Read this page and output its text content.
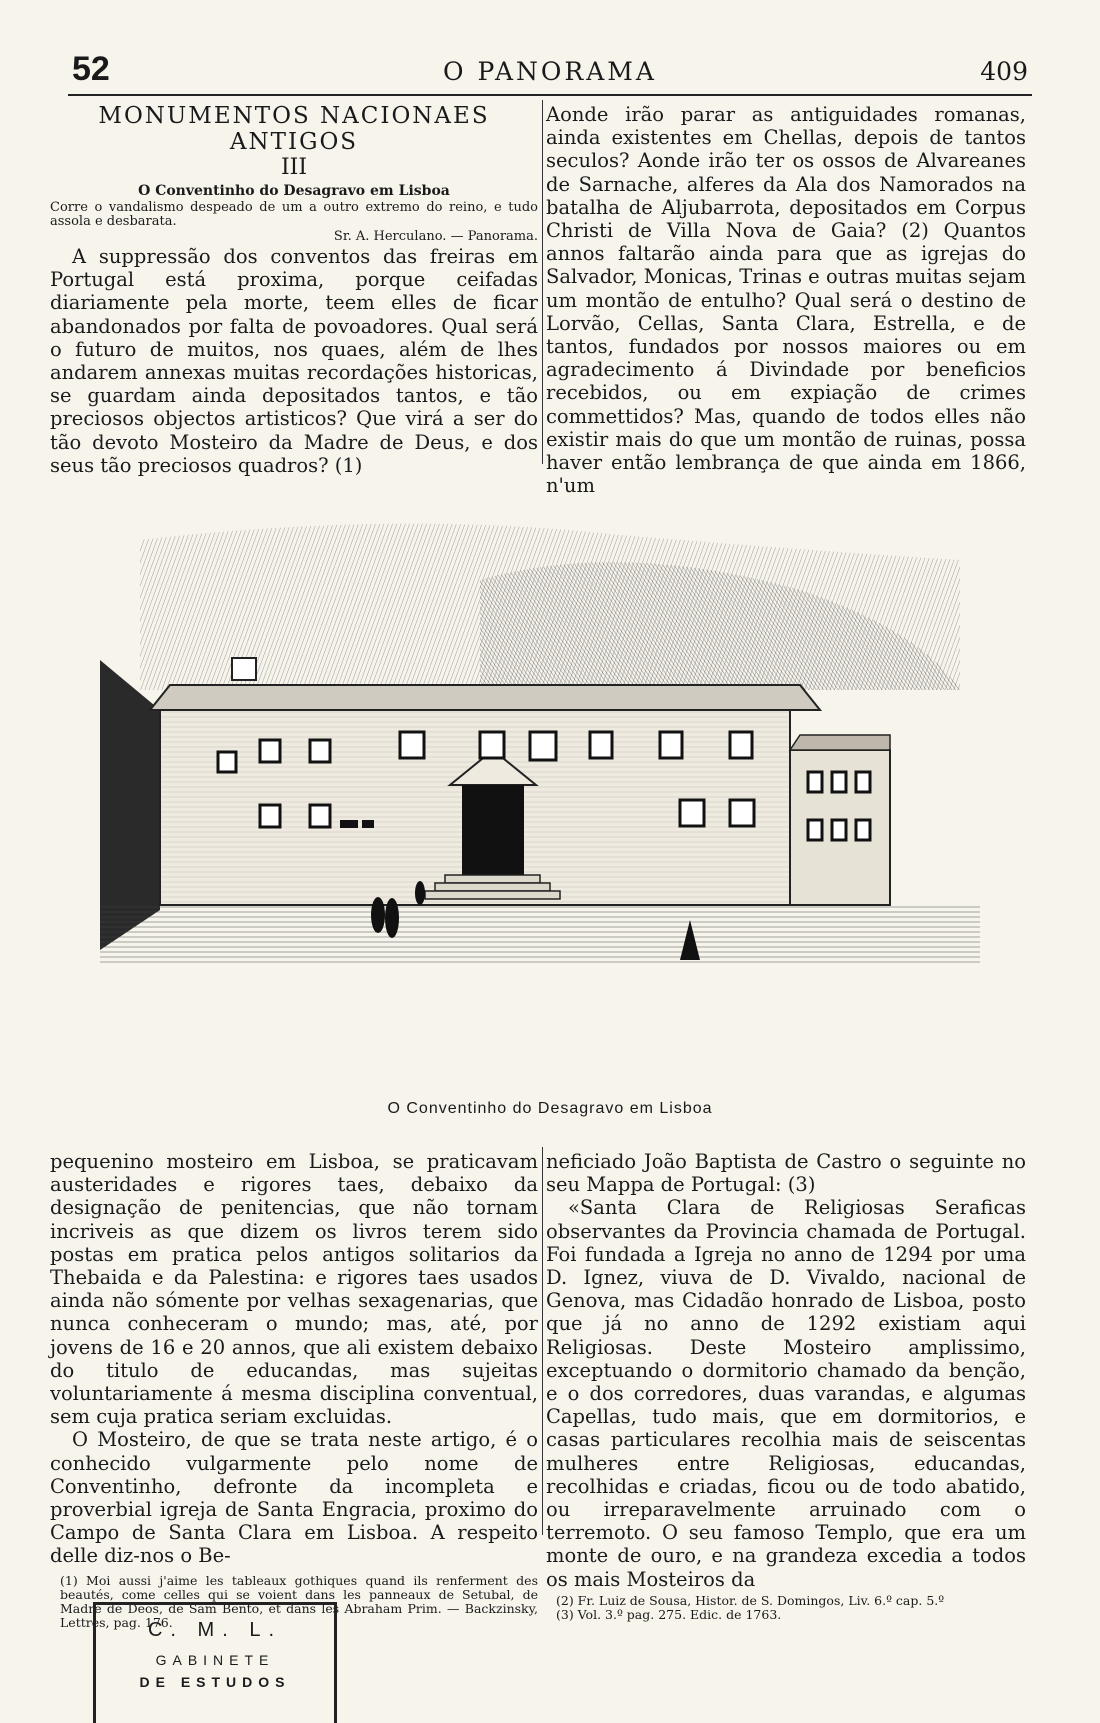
52	O PANORAMA	409

MONUMENTOS NACIONAES ANTIGOS

III

O Conventinho do Desagravo em Lisboa

Corre o vandalismo despeado de um a outro extremo do reino, e tudo assola e desbarata.

Sr. A. Herculano. — Panorama.

A suppressão dos conventos das freiras em Portugal está proxima, porque ceifadas diariamente pela morte, teem elles de ficar abandonados por falta de povoadores. Qual será o futuro de muitos, nos quaes, além de lhes andarem annexas muitas recordações historicas, se guardam ainda depositados tantos, e tão preciosos objectos artisticos? Que virá a ser do tão devoto Mosteiro da Madre de Deus, e dos seus tão preciosos quadros? (1)

Aonde irão parar as antiguidades romanas, ainda existentes em Chellas, depois de tantos seculos? Aonde irão ter os ossos de Alvareanes de Sarnache, alferes da Ala dos Namorados na batalha de Aljubarrota, depositados em Corpus Christi de Villa Nova de Gaia? (2) Quantos annos faltarão ainda para que as igrejas do Salvador, Monicas, Trinas e outras muitas sejam um montão de entulho? Qual será o destino de Lorvão, Cellas, Santa Clara, Estrella, e de tantos, fundados por nossos maiores ou em agradecimento á Divindade por beneficios recebidos, ou em expiação de crimes commettidos? Mas, quando de todos elles não existir mais do que um montão de ruinas, possa haver então lembrança de que ainda em 1866, n'um

O Conventinho do Desagravo em Lisboa

pequenino mosteiro em Lisboa, se praticavam austeridades e rigores taes, debaixo da designação de penitencias, que não tornam incriveis as que dizem os livros terem sido postas em pratica pelos antigos solitarios da Thebaida e da Palestina: e rigores taes usados ainda não sómente por velhas sexagenarias, que nunca conheceram o mundo; mas, até, por jovens de 16 e 20 annos, que ali existem debaixo do titulo de educandas, mas sujeitas voluntariamente á mesma disciplina conventual, sem cuja pratica seriam excluidas.

O Mosteiro, de que se trata neste artigo, é o conhecido vulgarmente pelo nome de Conventinho, defronte da incompleta e proverbial igreja de Santa Engracia, proximo do Campo de Santa Clara em Lisboa. A respeito delle diz-nos o Be-

neficiado João Baptista de Castro o seguinte no seu Mappa de Portugal: (3)

«Santa Clara de Religiosas Seraficas observantes da Provincia chamada de Portugal. Foi fundada a Igreja no anno de 1294 por uma D. Ignez, viuva de D. Vivaldo, nacional de Genova, mas Cidadão honrado de Lisboa, posto que já no anno de 1292 existiam aqui Religiosas. Deste Mosteiro amplissimo, exceptuando o dormitorio chamado da benção, e o dos corredores, duas varandas, e algumas Capellas, tudo mais, que em dormitorios, e casas particulares recolhia mais de seiscentas mulheres entre Religiosas, educandas, recolhidas e criadas, ficou ou de todo abatido, ou irreparavelmente arruinado com o terremoto. O seu famoso Templo, que era um monte de ouro, e na grandeza excedia a todos os mais Mosteiros da

(1) Moi aussi j'aime les tableaux gothiques quand ils renferment des beautés, come celles qui se voient dans les panneaux de Setubal, de Madre de Deos, de Sam Bento, et dans les Abraham Prim. — Backzinsky, Lettres, pag. 176.
(2) Fr. Luiz de Sousa, Histor. de S. Domingos, Liv. 6.º cap. 5.º
(3) Vol. 3.º pag. 275. Edic. de 1763.
C. M. L.
GABINETE
DE ESTUDOS
